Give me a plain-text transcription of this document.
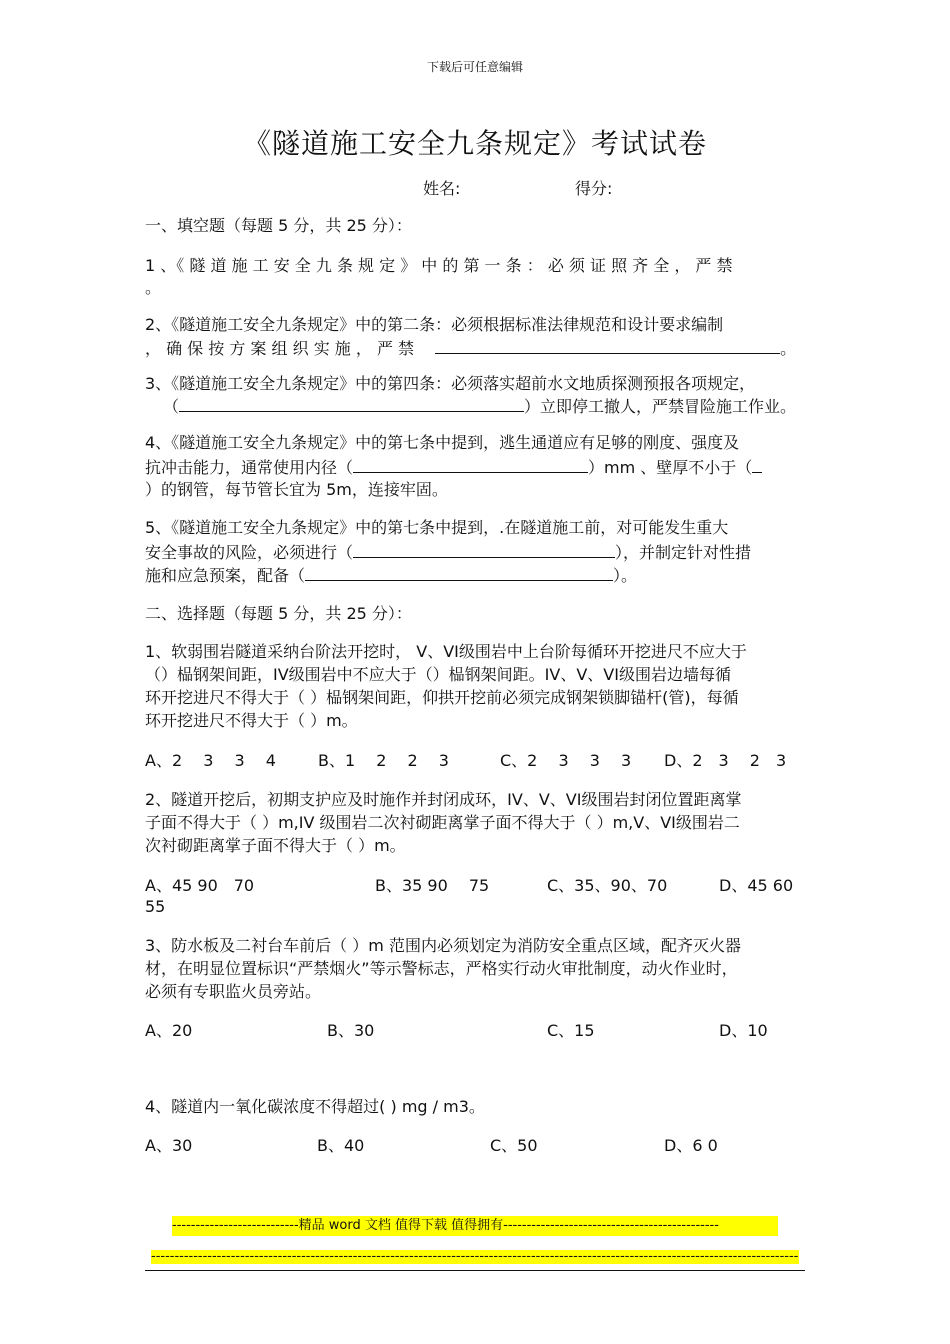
下载后可任意编辑
《隧道施工安全九条规定》考试试卷
姓名:	得分:
一、填空题（每题 5 分，共 25 分）：
1 、《 隧 道 施 工 安 全 九 条 规 定 》 中 的 第 一 条 ： 必 须 证 照 齐 全 ， 严 禁
。
2、《隧道施工安全九条规定》中的第二条：必须根据标准法律规范和设计要求编制
， 确 保 按 方 案 组 织 实 施 ， 严 禁	。
3、《隧道施工安全九条规定》中的第四条：必须落实超前水文地质探测预报各项规定，
（	）立即停工撤人，严禁冒险施工作业。
4、《隧道施工安全九条规定》中的第七条中提到，逃生通道应有足够的刚度、强度及
抗冲击能力，通常使用内径（	）mm 、壁厚不小于（
）的钢管，每节管长宜为 5m，连接牢固。
5、《隧道施工安全九条规定》中的第七条中提到，.在隧道施工前，对可能发生重大
安全事故的风险，必须进行（	），并制定针对性措
施和应急预案，配备（	）。
二、选择题（每题 5 分，共 25 分）：
1、软弱围岩隧道采纳台阶法开挖时， V、VI级围岩中上台阶每循环开挖进尺不应大于
（）榀钢架间距，IV级围岩中不应大于（）榀钢架间距。IV、V、VI级围岩边墙每循
环开挖进尺不得大于（ ）榀钢架间距，仰拱开挖前必须完成钢架锁脚锚杆(管)，每循
环开挖进尺不得大于（ ）m。
A、2　 3　 3　 4	B、1　 2　 2　 3	C、2　 3　 3　 3 D、2　3　 2　3
2、隧道开挖后，初期支护应及时施作并封闭成环，IV、V、VI级围岩封闭位置距离掌
子面不得大于（ ）m,IV 级围岩二次衬砌距离掌子面不得大于（ ）m,V、VI级围岩二
次衬砌距离掌子面不得大于（ ）m。
A、45 90　70	B、35 90　 75	C、35、90、70	D、45 60
55
3、防水板及二衬台车前后（ ）m 范围内必须划定为消防安全重点区域，配齐灭火器
材，在明显位置标识“严禁烟火”等示警标志，严格实行动火审批制度，动火作业时，
必须有专职监火员旁站。
A、20	B、30	C、15	D、10
4、隧道内一氧化碳浓度不得超过( ) mg / m3。
A、30	B、40	C、50	D、6 0
---------------------------精品 word 文档 值得下载 值得拥有----------------------------------------------
------------------------------------------------------------------------------------------------------------------------------------------
